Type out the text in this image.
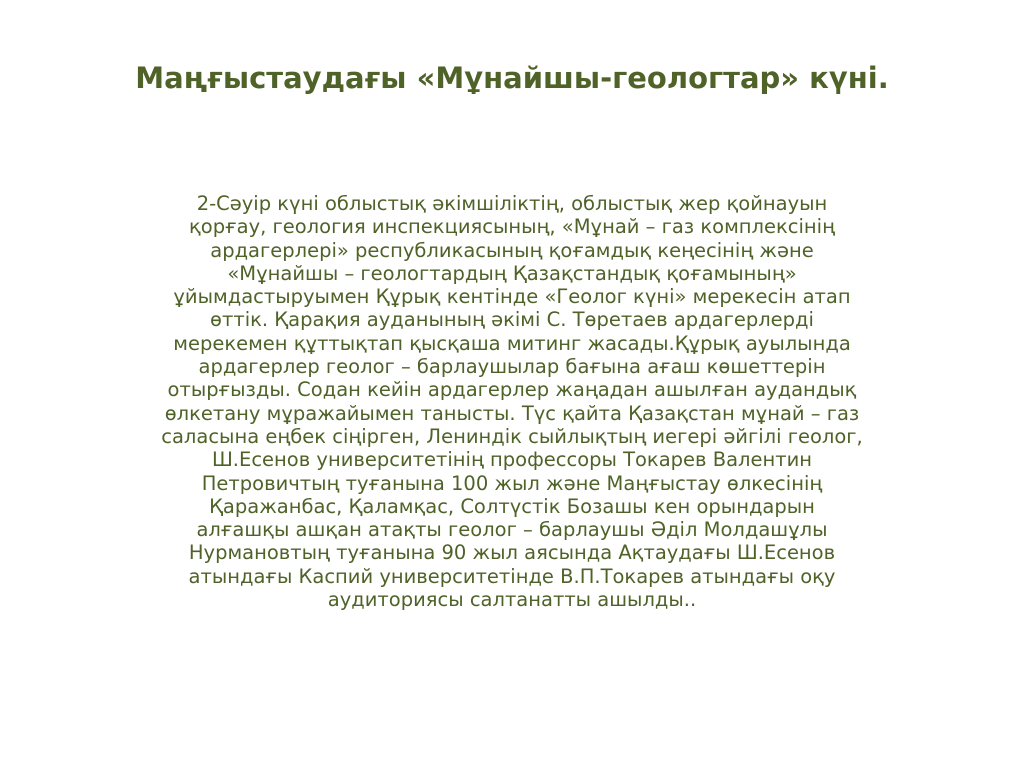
Маңғыстаудағы «Мұнайшы-геологтар» күні.
2-Сәуір күні облыстық әкімшіліктің, облыстық жер қойнауын қорғау, геология инспекциясының, «Мұнай – газ комплексінің ардагерлері» республикасының қоғамдық кеңесінің және «Мұнайшы – геологтардың Қазақстандық қоғамының» ұйымдастыруымен Құрық кентінде «Геолог күні» мерекесін атап өттік. Қарақия ауданының әкімі С. Төретаев ардагерлерді мерекемен құттықтап қысқаша митинг жасады.Құрық ауылында ардагерлер геолог – барлаушылар бағына ағаш көшеттерін отырғызды. Содан кейін ардагерлер жаңадан ашылған аудандық өлкетану мұражайымен танысты. Түс қайта Қазақстан мұнай – газ саласына еңбек сіңірген, Лениндік сыйлықтың иегері әйгілі геолог, Ш.Есенов университетінің профессоры Токарев Валентин Петровичтың туғанына 100 жыл және Маңғыстау өлкесінің Қаражанбас, Қаламқас, Солтүстік Бозашы кен орындарын алғашқы ашқан атақты геолог – барлаушы Әділ Молдашұлы Нурмановтың туғанына 90 жыл аясында Ақтаудағы Ш.Есенов атындағы Каспий университетінде В.П.Токарев атындағы оқу аудиториясы салтанатты ашылды..
